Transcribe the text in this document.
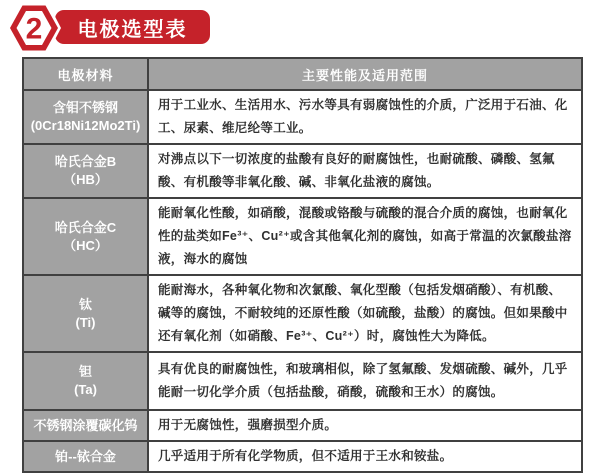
2 电极选型表
电极材料	主要性能及适用范围

含钼不锈钢
(0Cr18Ni12Mo2Ti)	用于工业水、生活用水、污水等具有弱腐蚀性的介质，广泛用于石油、化工、尿素、维尼纶等工业。

哈氏合金B
（HB）	对沸点以下一切浓度的盐酸有良好的耐腐蚀性，也耐硫酸、磷酸、氢氟酸、有机酸等非氧化酸、碱、非氧化盐液的腐蚀。

哈氏合金C
（HC）	能耐氧化性酸，如硝酸，混酸或铬酸与硫酸的混合介质的腐蚀，也耐氧化性的盐类如Fe³⁺、Cu²⁺或含其他氧化剂的腐蚀，如高于常温的次氯酸盐溶液，海水的腐蚀

钛
(Ti)	能耐海水，各种氧化物和次氯酸、氧化型酸（包括发烟硝酸）、有机酸、碱等的腐蚀，不耐较纯的还原性酸（如硫酸，盐酸）的腐蚀。但如果酸中还有氧化剂（如硝酸、Fe³⁺、Cu²⁺）时，腐蚀性大为降低。

钽
(Ta)	具有优良的耐腐蚀性，和玻璃相似，除了氢氟酸、发烟硫酸、碱外，几乎能耐一切化学介质（包括盐酸，硝酸，硫酸和王水）的腐蚀。

不锈钢涂覆碳化钨	用于无腐蚀性，强磨损型介质。

铂--铱合金	几乎适用于所有化学物质，但不适用于王水和铵盐。
